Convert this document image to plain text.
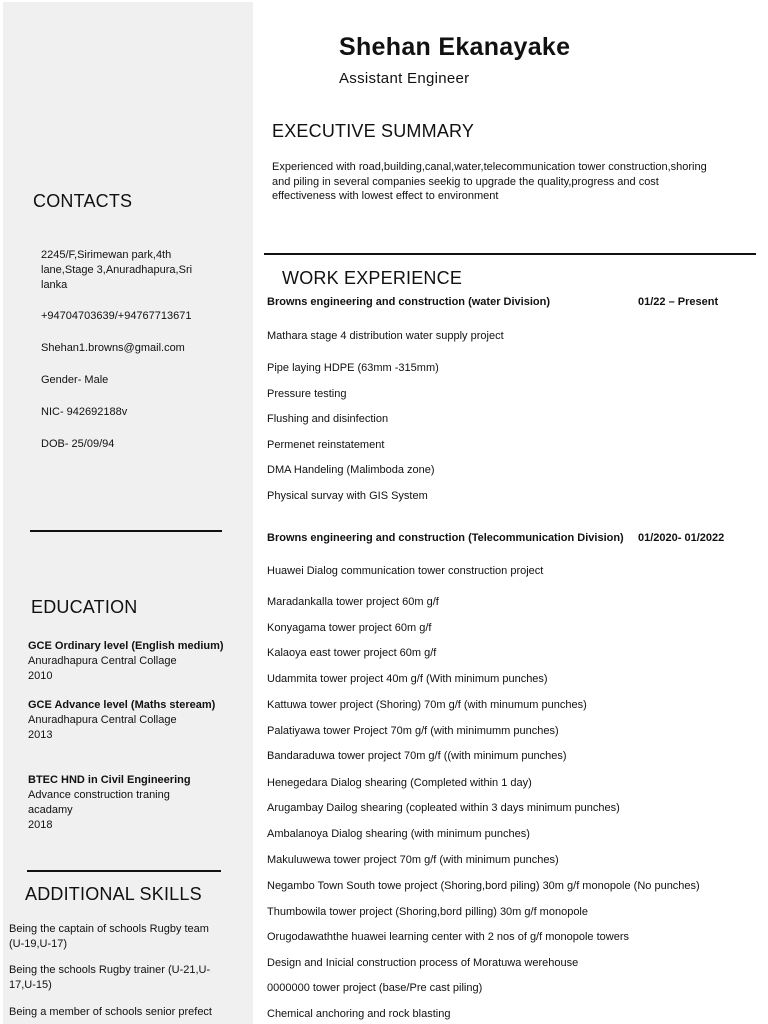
Shehan Ekanayake
Assistant Engineer
EXECUTIVE SUMMARY
Experienced with road,building,canal,water,telecommunication tower construction,shoring
and piling in several companies seekig to upgrade the quality,progress and cost
effectiveness with lowest effect to environment
CONTACTS
2245/F,Sirimewan park,4th
lane,Stage 3,Anuradhapura,Sri
lanka
+94704703639/+94767713671
Shehan1.browns@gmail.com
Gender- Male
NIC- 942692188v
DOB- 25/09/94
EDUCATION
GCE Ordinary level (English medium)
Anuradhapura Central Collage
2010
GCE Advance level (Maths steream)
Anuradhapura Central Collage
2013
BTEC HND in Civil Engineering
Advance construction traning
acadamy
2018
ADDITIONAL SKILLS
Being the captain of schools Rugby team
(U-19,U-17)
Being the schools Rugby trainer (U-21,U-
17,U-15)
Being a member of schools senior prefect
WORK EXPERIENCE
Browns engineering and construction (water Division)	01/22 – Present
Mathara stage 4 distribution water supply project
Pipe laying HDPE (63mm -315mm)
Pressure testing
Flushing and disinfection
Permenet reinstatement
DMA Handeling (Malimboda zone)
Physical survay with GIS System
Browns engineering and construction (Telecommunication Division) 01/2020- 01/2022
Huawei Dialog communication tower construction project
Maradankalla tower project 60m g/f
Konyagama tower project 60m g/f
Kalaoya east tower project 60m g/f
Udammita tower project 40m g/f (With minimum punches)
Kattuwa tower project (Shoring) 70m g/f (with minumum punches)
Palatiyawa tower Project 70m g/f (with minimumm punches)
Bandaraduwa tower project 70m g/f ((with minimum punches)
Henegedara Dialog shearing (Completed within 1 day)
Arugambay Dailog shearing (copleated within 3 days minimum punches)
Ambalanoya Dialog shearing (with minimum punches)
Makuluwewa tower project 70m g/f (with minimum punches)
Negambo Town South towe project (Shoring,bord piling) 30m g/f monopole (No punches)
Thumbowila tower project (Shoring,bord pilling) 30m g/f monopole
Orugodawaththe huawei learning center with 2 nos of g/f monopole towers
Design and Inicial construction process of Moratuwa werehouse
0000000 tower project (base/Pre cast piling)
Chemical anchoring and rock blasting
